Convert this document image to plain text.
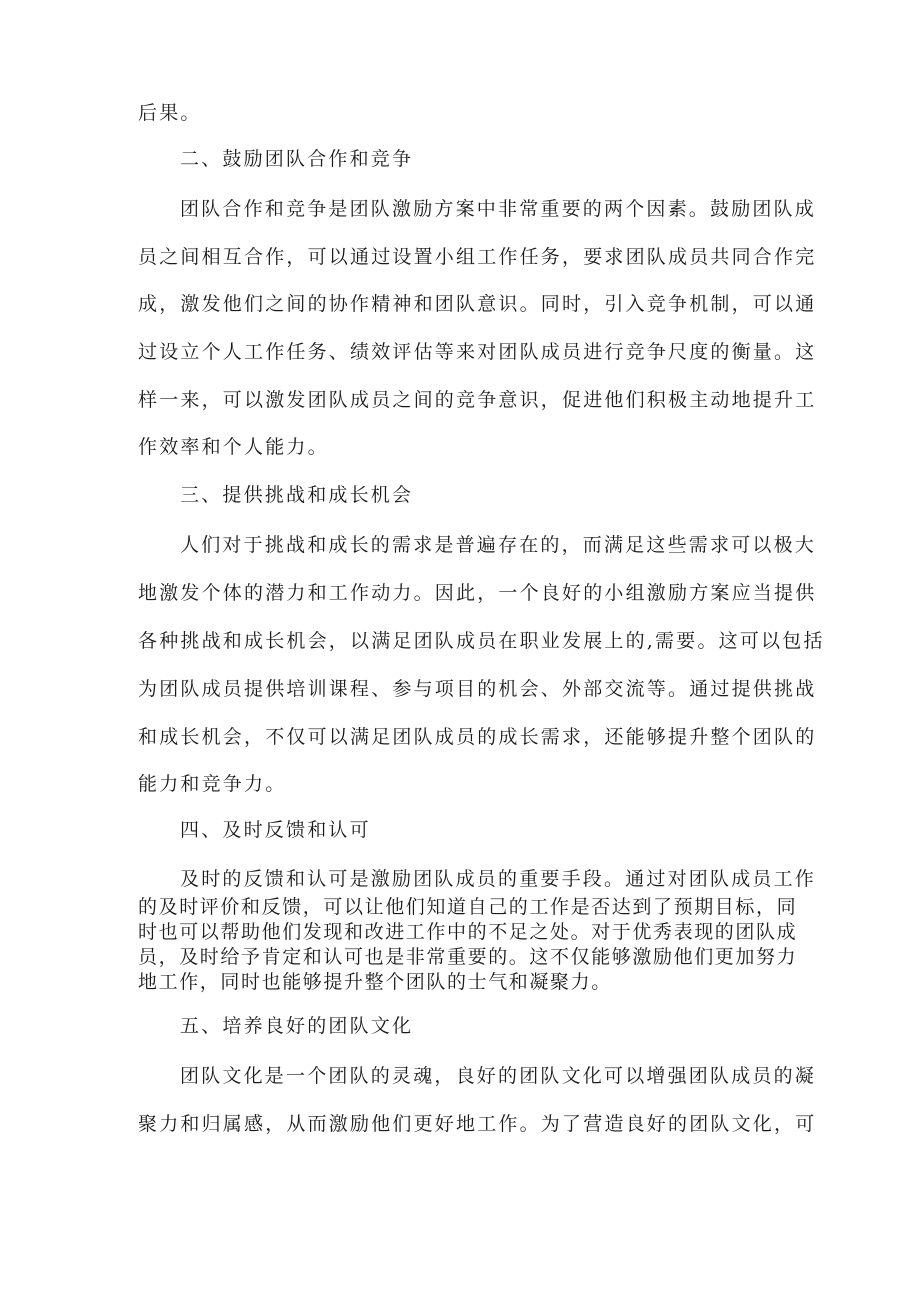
后果。
二、鼓励团队合作和竞争
团队合作和竞争是团队激励方案中非常重要的两个因素。鼓励团队成
员之间相互合作，可以通过设置小组工作任务，要求团队成员共同合作完
成，激发他们之间的协作精神和团队意识。同时，引入竞争机制，可以通
过设立个人工作任务、绩效评估等来对团队成员进行竞争尺度的衡量。这
样一来，可以激发团队成员之间的竞争意识，促进他们积极主动地提升工
作效率和个人能力。
三、提供挑战和成长机会
人们对于挑战和成长的需求是普遍存在的，而满足这些需求可以极大
地激发个体的潜力和工作动力。因此，一个良好的小组激励方案应当提供
各种挑战和成长机会，以满足团队成员在职业发展上的,需要。这可以包括
为团队成员提供培训课程、参与项目的机会、外部交流等。通过提供挑战
和成长机会，不仅可以满足团队成员的成长需求，还能够提升整个团队的
能力和竞争力。
四、及时反馈和认可
及时的反馈和认可是激励团队成员的重要手段。通过对团队成员工作
的及时评价和反馈，可以让他们知道自己的工作是否达到了预期目标，同
时也可以帮助他们发现和改进工作中的不足之处。对于优秀表现的团队成
员，及时给予肯定和认可也是非常重要的。这不仅能够激励他们更加努力
地工作，同时也能够提升整个团队的士气和凝聚力。
五、培养良好的团队文化
团队文化是一个团队的灵魂，良好的团队文化可以增强团队成员的凝
聚力和归属感，从而激励他们更好地工作。为了营造良好的团队文化，可
